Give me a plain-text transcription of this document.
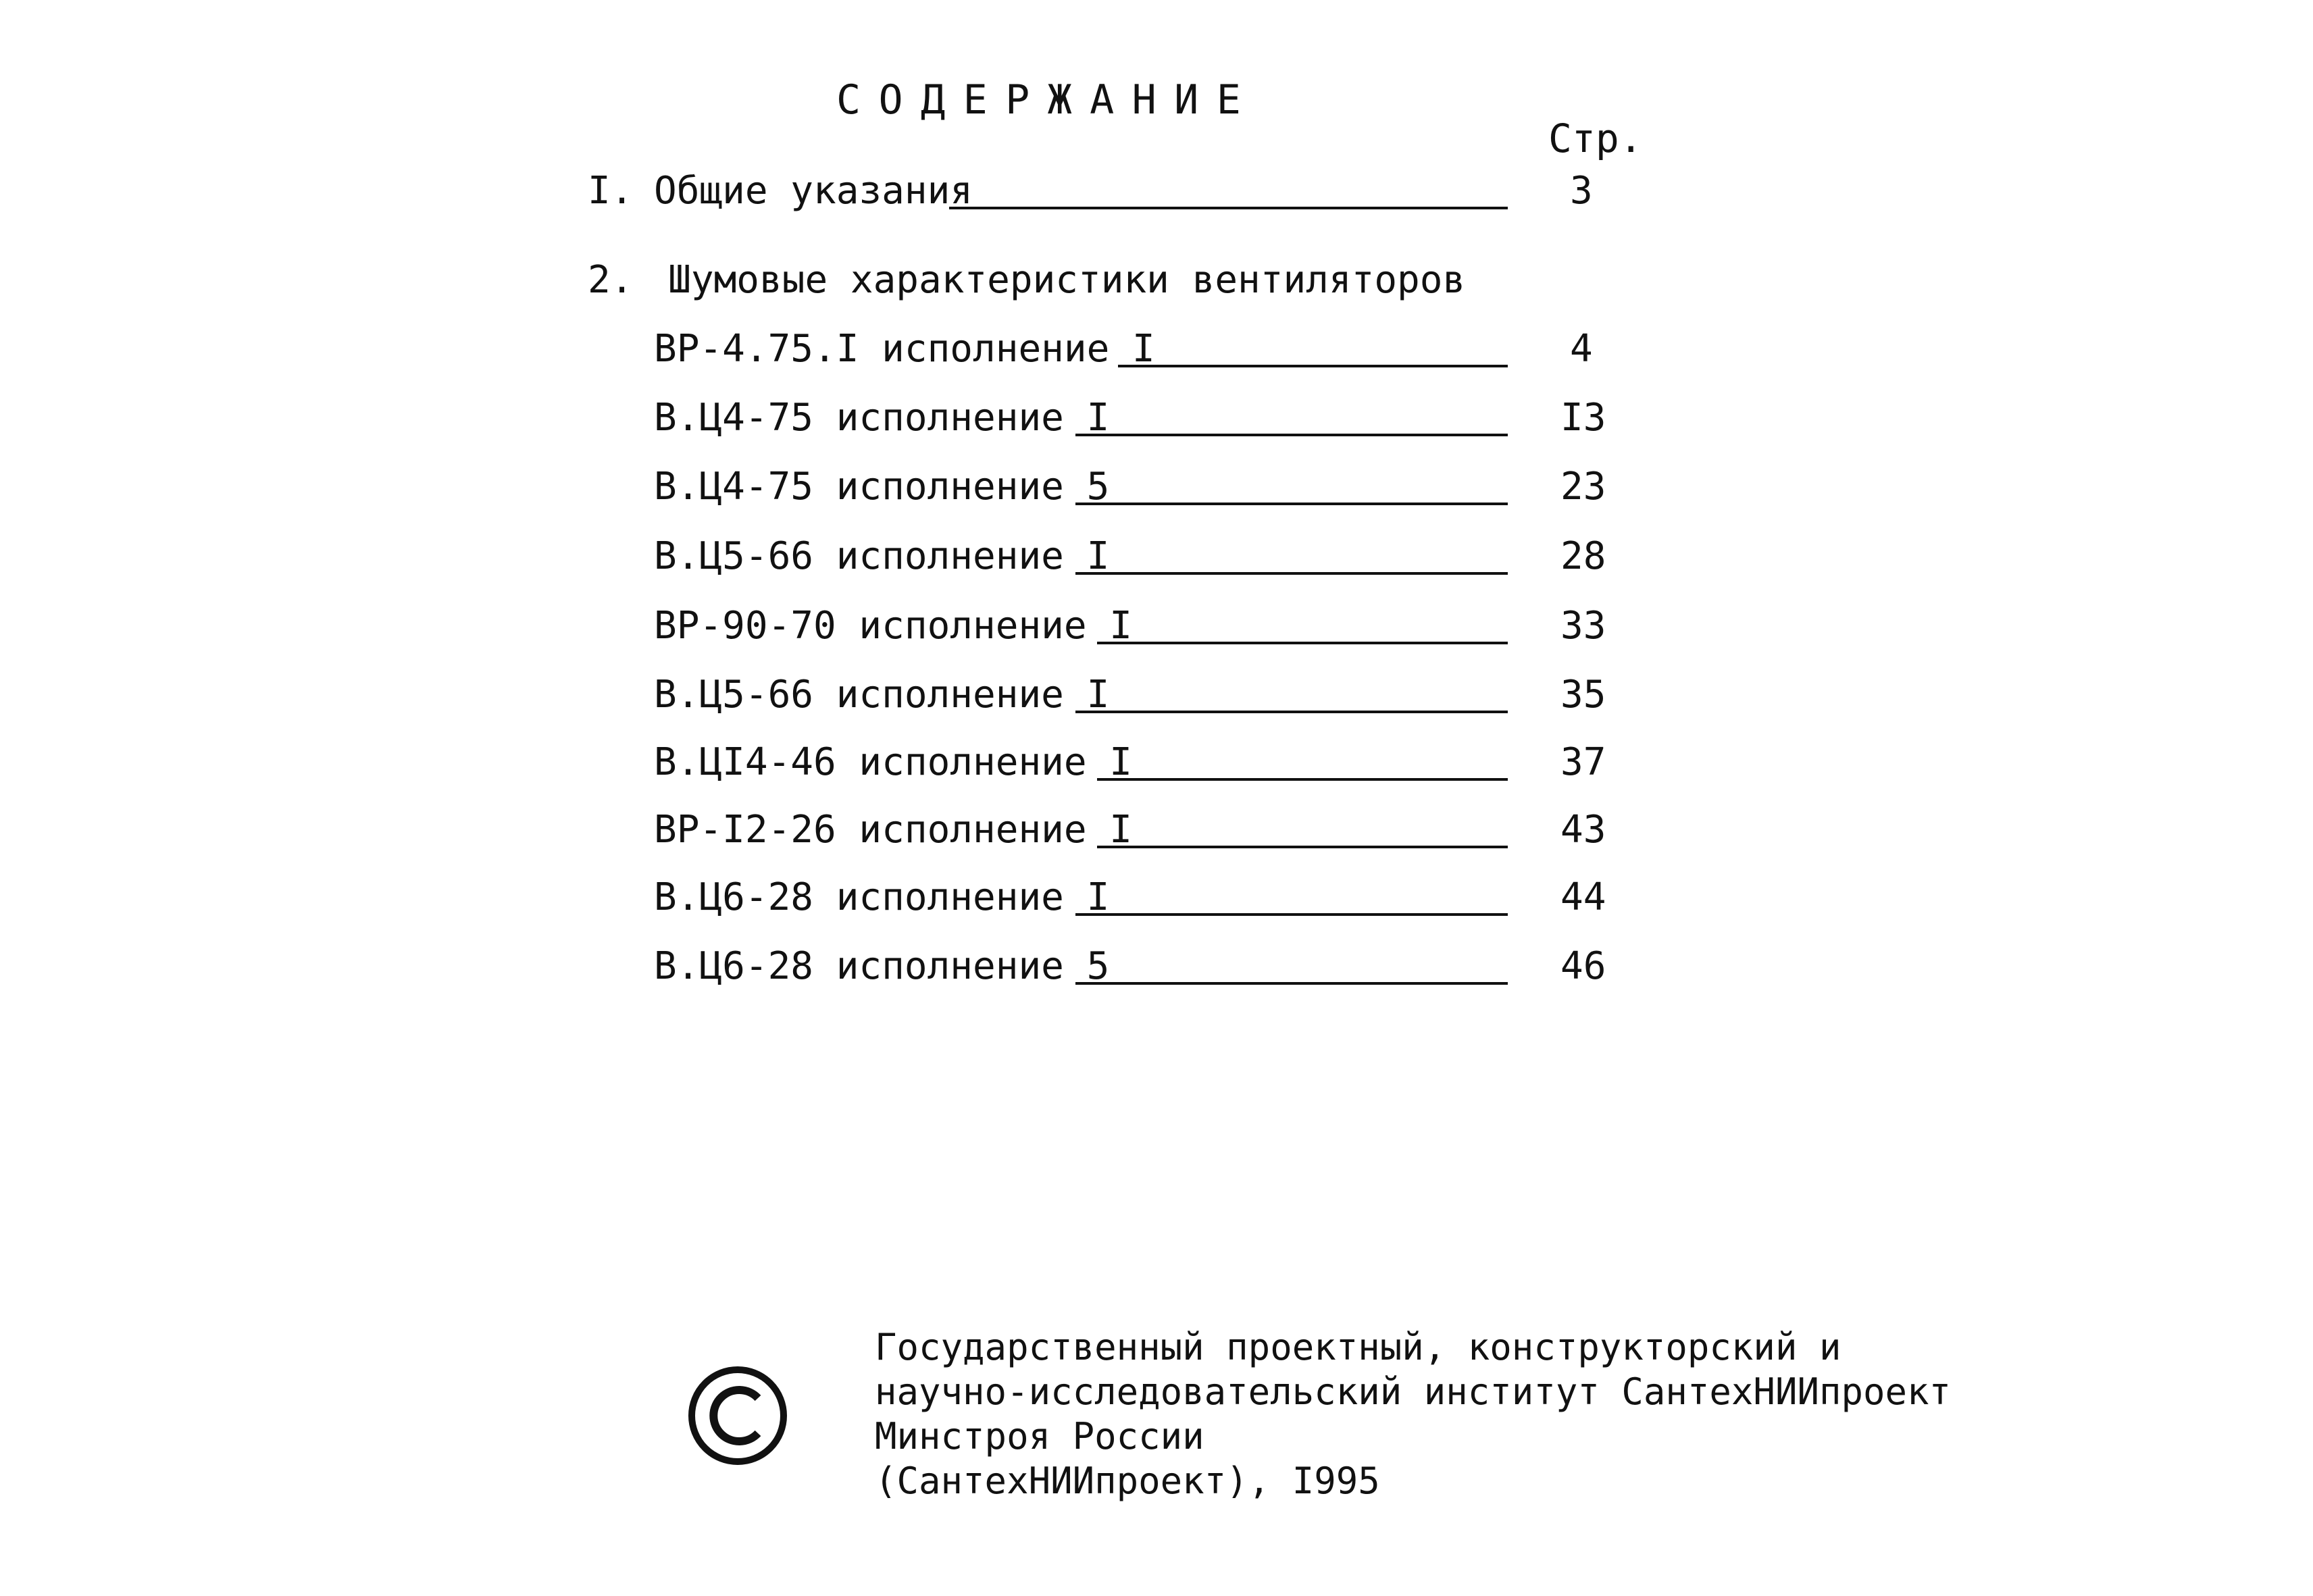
СОДЕРЖАНИЕ
Стр.
I. Общие указания	3
2. Шумовые характеристики вентиляторов
ВР-4.75.I исполнение I	4
В.Ц4-75 исполнение I	I3
В.Ц4-75 исполнение 5	23
В.Ц5-66 исполнение I	28
ВР-90-70 исполнение I	33
В.Ц5-66 исполнение I	35
В.ЦI4-46 исполнение I	37
ВР-I2-26 исполнение I	43
В.Ц6-28 исполнение I	44
В.Ц6-28 исполнение 5	46
Государственный проектный, конструкторский и
научно-исследовательский институт СантехНИИпроект
Минстроя России
(СантехНИИпроект), I995
